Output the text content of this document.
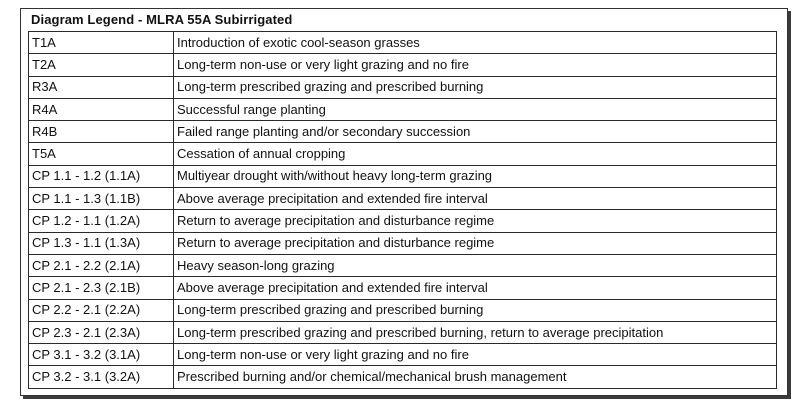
Diagram Legend - MLRA 55A Subirrigated
T1A	Introduction of exotic cool-season grasses
T2A	Long-term non-use or very light grazing and no fire
R3A	Long-term prescribed grazing and prescribed burning
R4A	Successful range planting
R4B	Failed range planting and/or secondary succession
T5A	Cessation of annual cropping
CP 1.1 - 1.2 (1.1A)	Multiyear drought with/without heavy long-term grazing
CP 1.1 - 1.3 (1.1B)	Above average precipitation and extended fire interval
CP 1.2 - 1.1 (1.2A)	Return to average precipitation and disturbance regime
CP 1.3 - 1.1 (1.3A)	Return to average precipitation and disturbance regime
CP 2.1 - 2.2 (2.1A)	Heavy season-long grazing
CP 2.1 - 2.3 (2.1B)	Above average precipitation and extended fire interval
CP 2.2 - 2.1 (2.2A)	Long-term prescribed grazing and prescribed burning
CP 2.3 - 2.1 (2.3A)	Long-term prescribed grazing and prescribed burning, return to average precipitation
CP 3.1 - 3.2 (3.1A)	Long-term non-use or very light grazing and no fire
CP 3.2 - 3.1 (3.2A)	Prescribed burning and/or chemical/mechanical brush management
